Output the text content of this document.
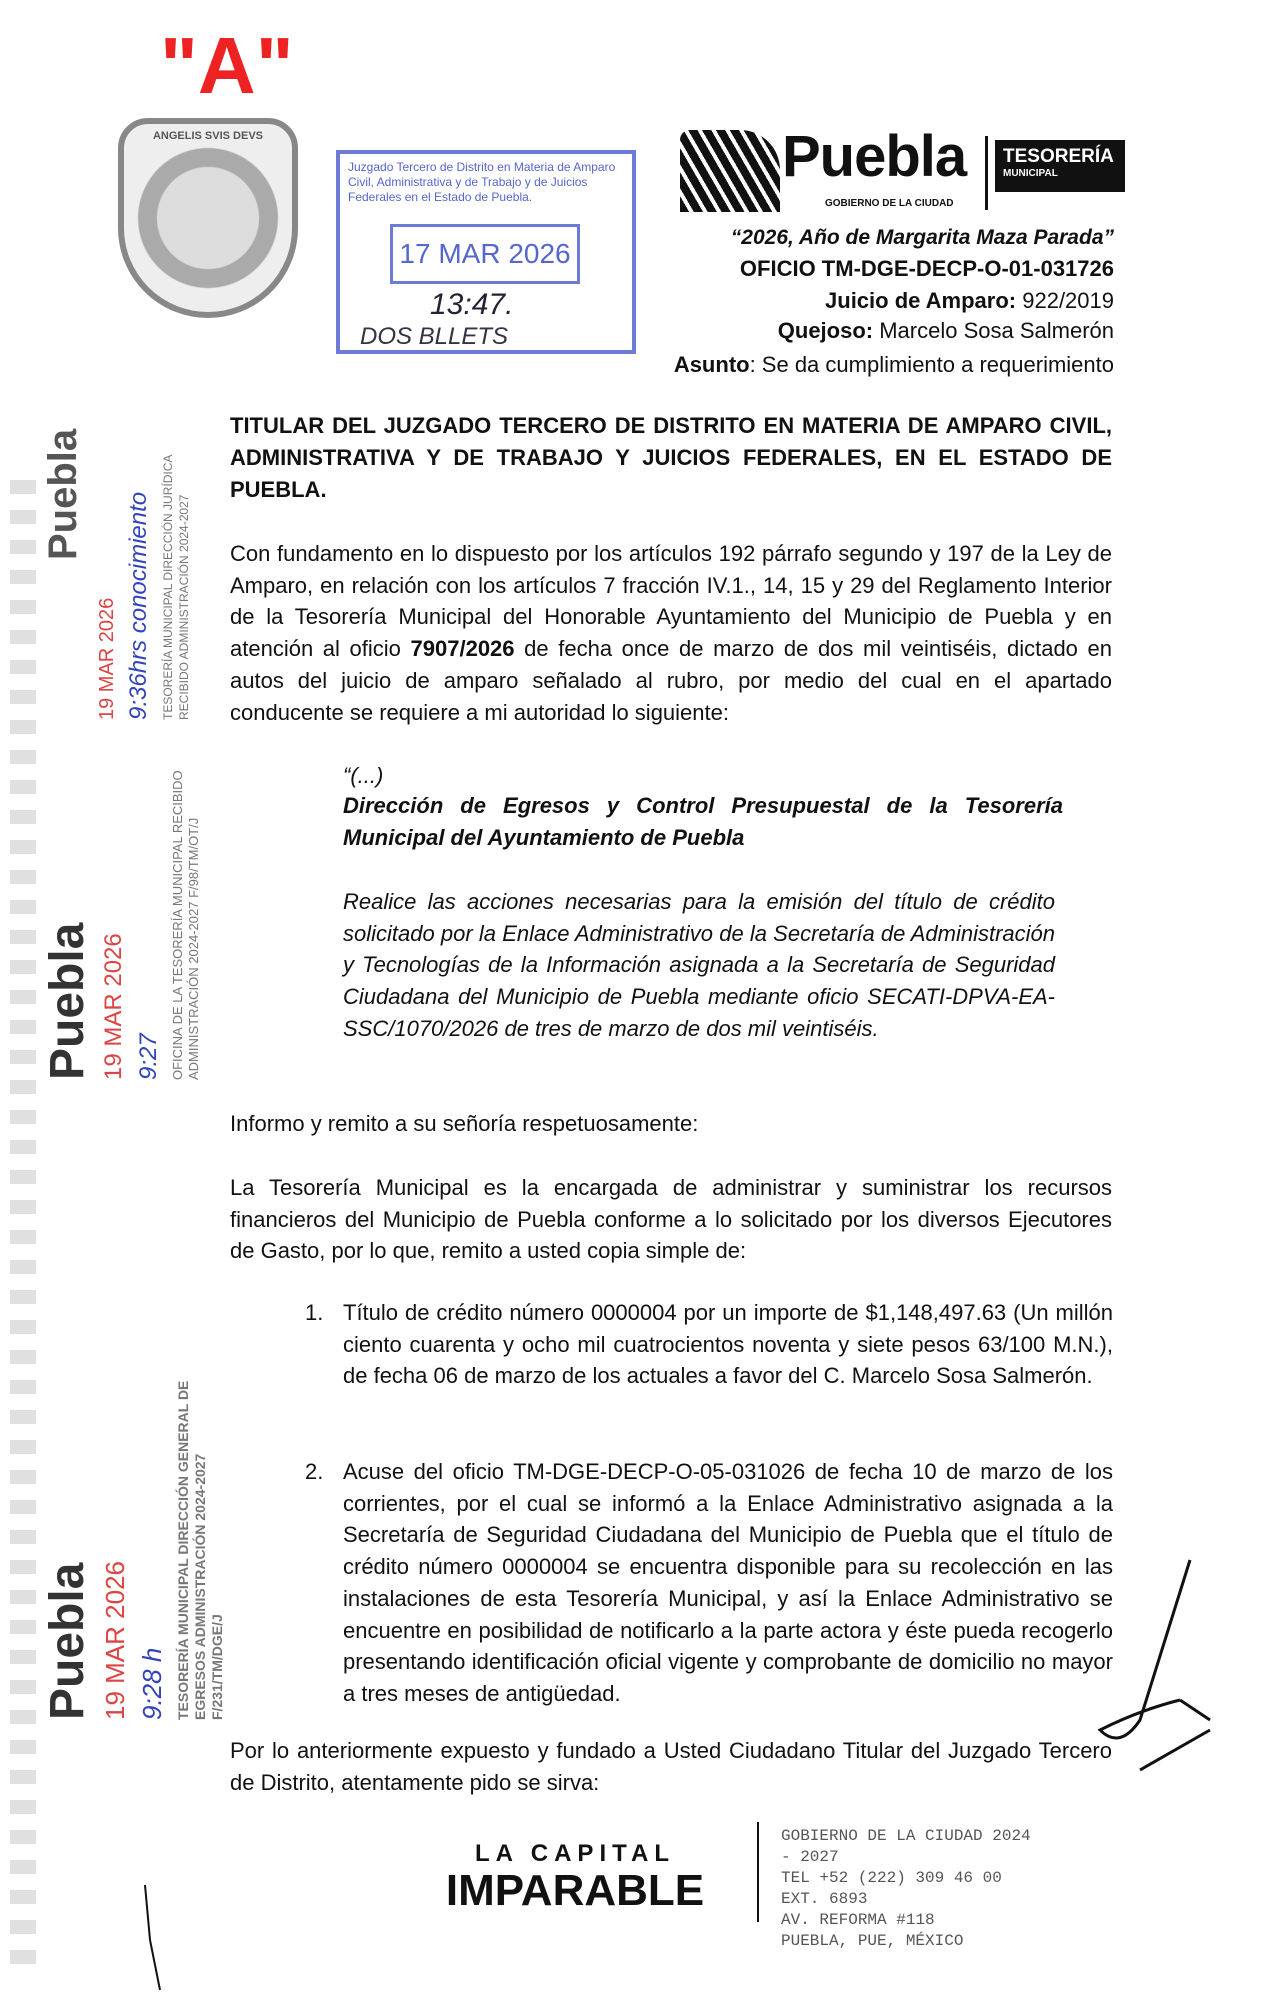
"A"
ANGELIS SVIS DEVS
Juzgado Tercero de Distrito en Materia de Amparo Civil, Administrativa y de Trabajo y de Juicios Federales en el Estado de Puebla.
17 MAR 2026
13:47.
DOS BLLETS
Puebla
GOBIERNO DE LA CIUDAD
TESORERÍA
MUNICIPAL
“2026, Año de Margarita Maza Parada”
OFICIO TM-DGE-DECP-O-01-031726
Juicio de Amparo: 922/2019
Quejoso: Marcelo Sosa Salmerón
Asunto: Se da cumplimiento a requerimiento
TITULAR DEL JUZGADO TERCERO DE DISTRITO EN MATERIA DE AMPARO CIVIL, ADMINISTRATIVA Y DE TRABAJO Y JUICIOS FEDERALES, EN EL ESTADO DE PUEBLA.
Con fundamento en lo dispuesto por los artículos 192 párrafo segundo y 197 de la Ley de Amparo, en relación con los artículos 7 fracción IV.1., 14, 15 y 29 del Reglamento Interior de la Tesorería Municipal del Honorable Ayuntamiento del Municipio de Puebla y en atención al oficio 7907/2026 de fecha once de marzo de dos mil veintiséis, dictado en autos del juicio de amparo señalado al rubro, por medio del cual en el apartado conducente se requiere a mi autoridad lo siguiente:
“(...)
Dirección de Egresos y Control Presupuestal de la Tesorería Municipal del Ayuntamiento de Puebla
Realice las acciones necesarias para la emisión del título de crédito solicitado por la Enlace Administrativo de la Secretaría de Administración y Tecnologías de la Información asignada a la Secretaría de Seguridad Ciudadana del Municipio de Puebla mediante oficio SECATI-DPVA-EA-SSC/1070/2026 de tres de marzo de dos mil veintiséis.
Informo y remito a su señoría respetuosamente:
La Tesorería Municipal es la encargada de administrar y suministrar los recursos financieros del Municipio de Puebla conforme a lo solicitado por los diversos Ejecutores de Gasto, por lo que, remito a usted copia simple de:
1. Título de crédito número 0000004 por un importe de $1,148,497.63 (Un millón ciento cuarenta y ocho mil cuatrocientos noventa y siete pesos 63/100 M.N.), de fecha 06 de marzo de los actuales a favor del C. Marcelo Sosa Salmerón.
2. Acuse del oficio TM-DGE-DECP-O-05-031026 de fecha 10 de marzo de los corrientes, por el cual se informó a la Enlace Administrativo asignada a la Secretaría de Seguridad Ciudadana del Municipio de Puebla que el título de crédito número 0000004 se encuentra disponible para su recolección en las instalaciones de esta Tesorería Municipal, y así la Enlace Administrativo se encuentre en posibilidad de notificarlo a la parte actora y éste pueda recogerlo presentando identificación oficial vigente y comprobante de domicilio no mayor a tres meses de antigüedad.
Por lo anteriormente expuesto y fundado a Usted Ciudadano Titular del Juzgado Tercero de Distrito, atentamente pido se sirva:
Puebla
19 MAR 2026 9:36hrs conocimiento TESORERÍA MUNICIPAL DIRECCIÓN JURÍDICA RECIBIDO ADMINISTRACIÓN 2024-2027
Puebla 19 MAR 2026 9:27 OFICINA DE LA TESORERÍA MUNICIPAL RECIBIDO ADMINISTRACIÓN 2024-2027 F/98/TM/OT/J
Puebla 19 MAR 2026 9:28 h TESORERÍA MUNICIPAL DIRECCIÓN GENERAL DE EGRESOS ADMINISTRACIÓN 2024-2027 F/231/TM/DGE/J
LA CAPITAL
IMPARABLE
GOBIERNO DE LA CIUDAD 2024
- 2027
TEL +52 (222) 309 46 00
EXT. 6893
AV. REFORMA #118
PUEBLA, PUE, MÉXICO
